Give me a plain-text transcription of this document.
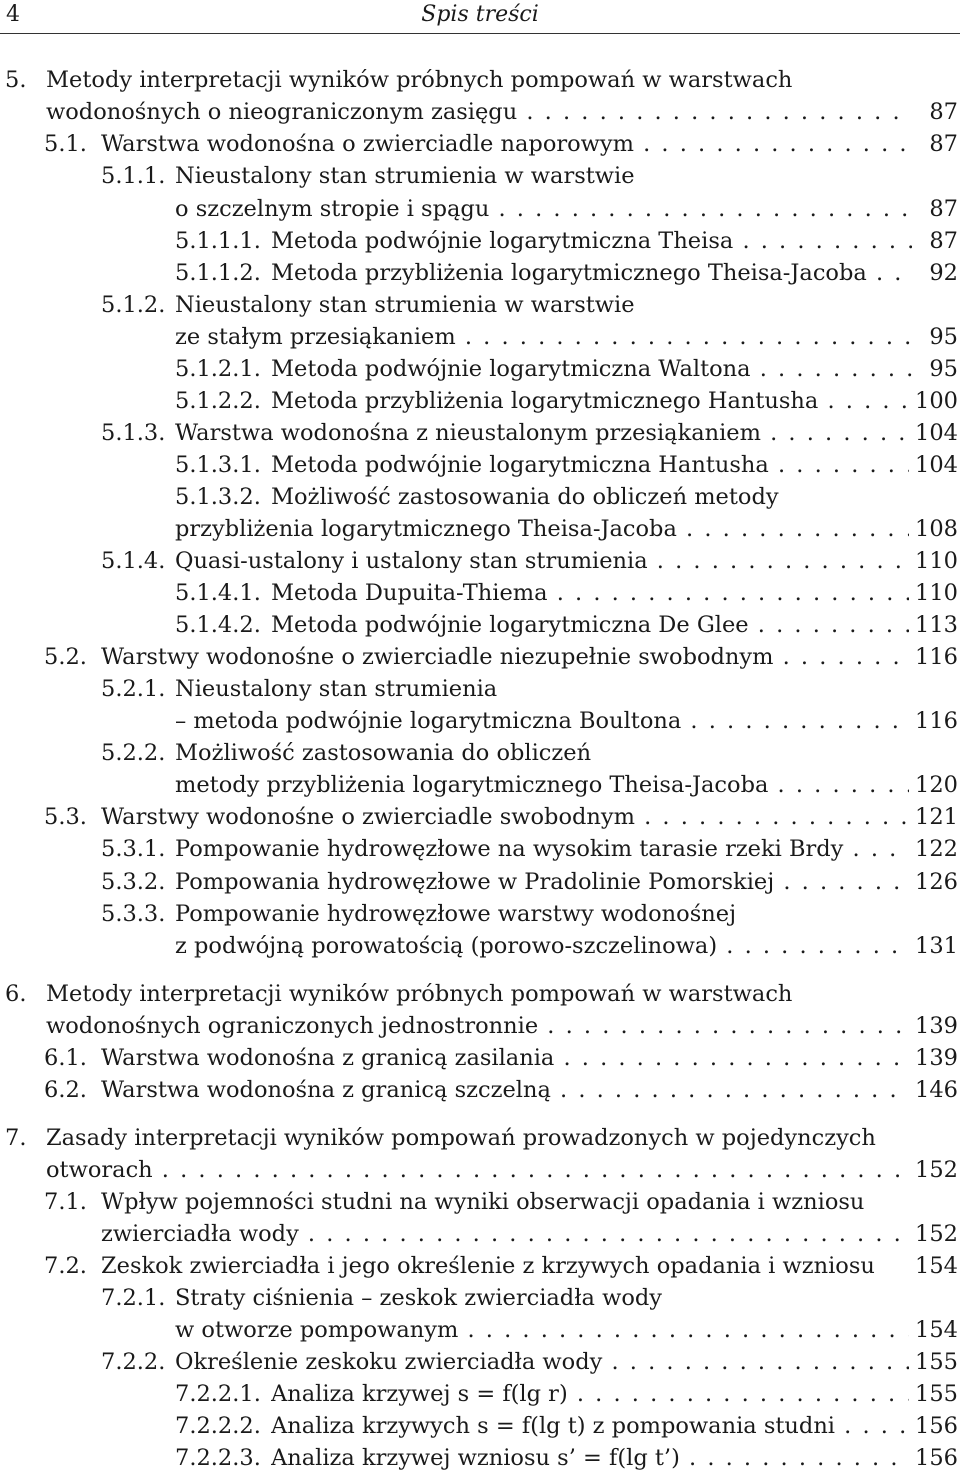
4	Spis treści
5. Metody interpretacji wyników próbnych pompowań w warstwach
wodonośnych o nieograniczonym zasięgu . . .	87
5.1. Warstwa wodonośna o zwierciadle naporowym . . .	87
5.1.1. Nieustalony stan strumienia w warstwie
o szczelnym stropie i spągu . . .	87
5.1.1.1. Metoda podwójnie logarytmiczna Theisa . . .	87
5.1.1.2. Metoda przybliżenia logarytmicznego Theisa-Jacoba . . .	92
5.1.2. Nieustalony stan strumienia w warstwie
ze stałym przesiąkaniem . . .	95
5.1.2.1. Metoda podwójnie logarytmiczna Waltona . . .	95
5.1.2.2. Metoda przybliżenia logarytmicznego Hantusha . . .	100
5.1.3. Warstwa wodonośna z nieustalonym przesiąkaniem . . .	104
5.1.3.1. Metoda podwójnie logarytmiczna Hantusha . . .	104
5.1.3.2. Możliwość zastosowania do obliczeń metody
przybliżenia logarytmicznego Theisa-Jacoba . . .	108
5.1.4. Quasi-ustalony i ustalony stan strumienia . . .	110
5.1.4.1. Metoda Dupuita-Thiema . . .	110
5.1.4.2. Metoda podwójnie logarytmiczna De Glee . . .	113
5.2. Warstwy wodonośne o zwierciadle niezupełnie swobodnym . . .	116
5.2.1. Nieustalony stan strumienia
– metoda podwójnie logarytmiczna Boultona . . .	116
5.2.2. Możliwość zastosowania do obliczeń
metody przybliżenia logarytmicznego Theisa-Jacoba . . .	120
5.3. Warstwy wodonośne o zwierciadle swobodnym . . .	121
5.3.1. Pompowanie hydrowęzłowe na wysokim tarasie rzeki Brdy . . .	122
5.3.2. Pompowania hydrowęzłowe w Pradolinie Pomorskiej . . .	126
5.3.3. Pompowanie hydrowęzłowe warstwy wodonośnej
z podwójną porowatością (porowo-szczelinowa) . . .	131
6. Metody interpretacji wyników próbnych pompowań w warstwach
wodonośnych ograniczonych jednostronnie . . .	139
6.1. Warstwa wodonośna z granicą zasilania . . .	139
6.2. Warstwa wodonośna z granicą szczelną . . .	146
7. Zasady interpretacji wyników pompowań prowadzonych w pojedynczych
otworach . . .	152
7.1. Wpływ pojemności studni na wyniki obserwacji opadania i wzniosu
zwierciadła wody . . .	152
7.2. Zeskok zwierciadła i jego określenie z krzywych opadania i wzniosu	154
7.2.1. Straty ciśnienia – zeskok zwierciadła wody
w otworze pompowanym . . .	154
7.2.2. Określenie zeskoku zwierciadła wody . . .	155
7.2.2.1. Analiza krzywej s = f(lg r) . . .	155
7.2.2.2. Analiza krzywych s = f(lg t) z pompowania studni . . .	156
7.2.2.3. Analiza krzywej wzniosu s’ = f(lg t’) . . .	156
